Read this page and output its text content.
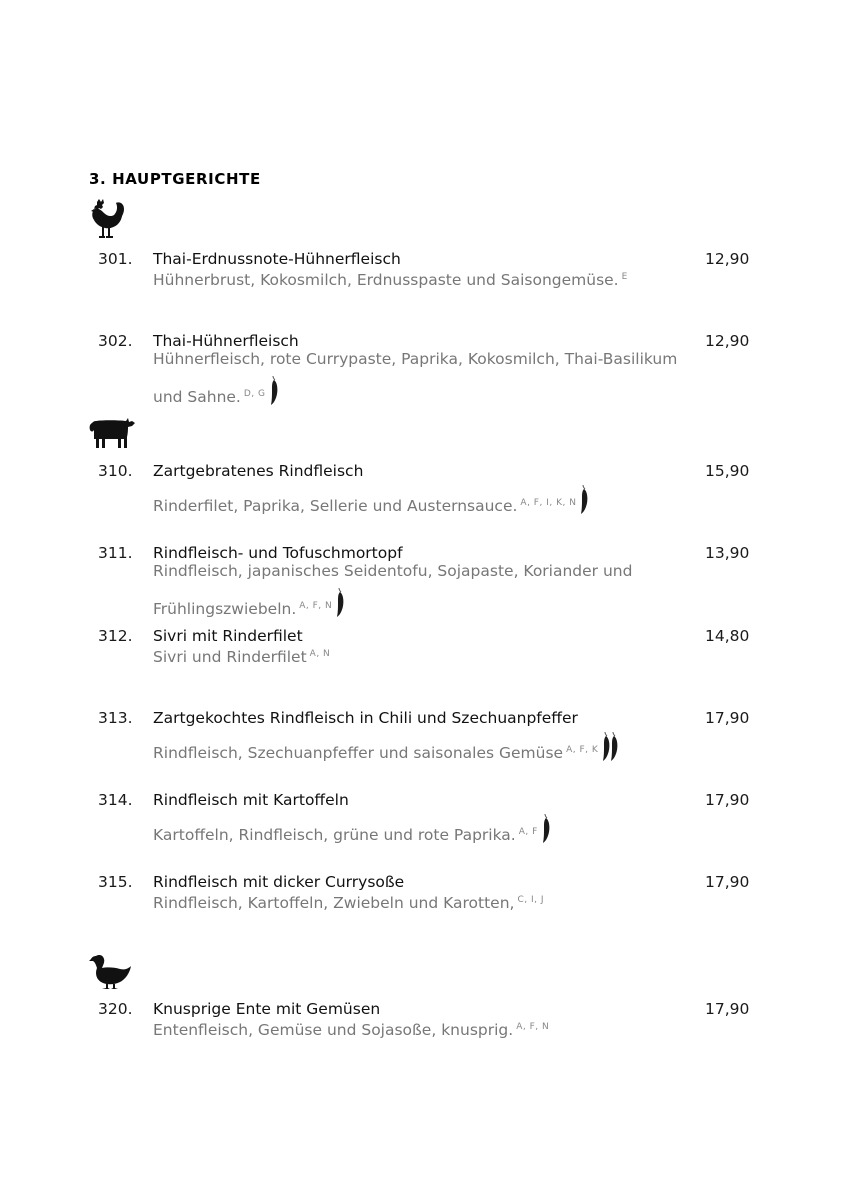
3. HAUPTGERICHTE
301. Thai-Erdnussnote-Hühnerfleisch	12,90
Hühnerbrust, Kokosmilch, Erdnusspaste und Saisongemüse. $^E$
302. Thai-Hühnerfleisch	12,90
Hühnerfleisch, rote Currypaste, Paprika, Kokosmilch, Thai-Basilikum und Sahne. $^{D, G}$
310. Zartgebratenes Rindfleisch	15,90
Rinderfilet, Paprika, Sellerie und Austernsauce. $^{A, F, I, K, N}$
311. Rindfleisch- und Tofuschmortopf	13,90
Rindfleisch, japanisches Seidentofu, Sojapaste, Koriander und Frühlingszwiebeln. $^{A, F, N}$
312. Sivri mit Rinderfilet	14,80
Sivri und Rinderfilet $^{A, N}$
313. Zartgekochtes Rindfleisch in Chili und Szechuanpfeffer	17,90
Rindfleisch, Szechuanpfeffer und saisonales Gemüse $^{A, F, K}$
314. Rindfleisch mit Kartoffeln	17,90
Kartoffeln, Rindfleisch, grüne und rote Paprika. $^{A, F}$
315. Rindfleisch mit dicker Currysoße	17,90
Rindfleisch, Kartoffeln, Zwiebeln und Karotten, $^{C, I, J}$
320. Knusprige Ente mit Gemüsen	17,90
Entenfleisch, Gemüse und Sojasoße, knusprig. $^{A, F, N}$
